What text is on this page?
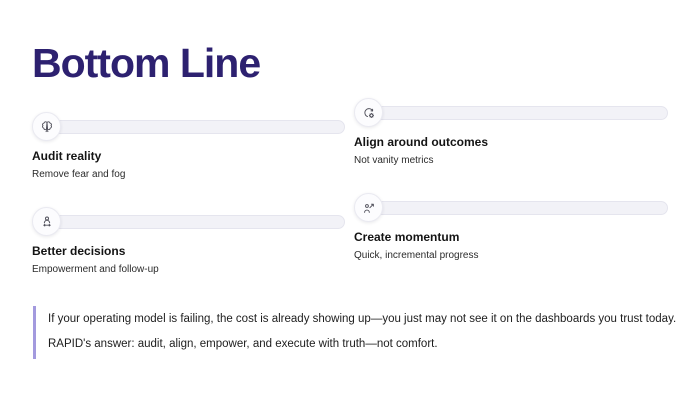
Bottom Line

Audit reality

Remove fear and fog

Align around outcomes

Not vanity metrics

Better decisions

Empowerment and follow-up

Create momentum

Quick, incremental progress

If your operating model is failing, the cost is already showing up—you just may not see it on the dashboards you trust today.

RAPID's answer: audit, align, empower, and execute with truth—not comfort.
